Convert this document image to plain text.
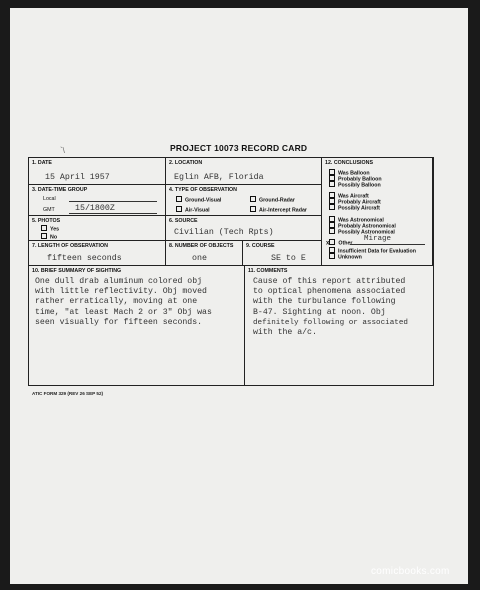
`\	PROJECT 10073 RECORD CARD
1. DATE
15 April 1957
2. LOCATION
Eglin AFB, Florida
3. DATE-TIME GROUP
Local
GMT 15/1800Z
4. TYPE OF OBSERVATION
Ground-Visual	Ground-Radar
Air-Visual	Air-Intercept Radar
5. PHOTOS
Yes
No
6. SOURCE
Civilian (Tech Rpts)
7. LENGTH OF OBSERVATION
fifteen seconds
8. NUMBER OF OBJECTS
one
9. COURSE
SE to E
12. CONCLUSIONS
Was Balloon
Probably Balloon
Possibly Balloon
Was Aircraft
Probably Aircraft
Possibly Aircraft
Was Astronomical
Probably Astronomical
Possibly Astronomical
x Other
Mirage
Insufficient Data for Evaluation
Unknown
10. BRIEF SUMMARY OF SIGHTING
One dull drab aluminum colored obj
with little reflectivity. Obj moved
rather erratically, moving at one
time, "at least Mach 2 or 3" Obj was
seen visually for fifteen seconds.
11. COMMENTS
Cause of this report attributed
to optical phenomena associated
with the turbulance following
B-47. Sighting at noon. Obj
definitely following or associated
with the a/c.
ATIC FORM 329 (REV 26 SEP 52)
comicbooks.com
